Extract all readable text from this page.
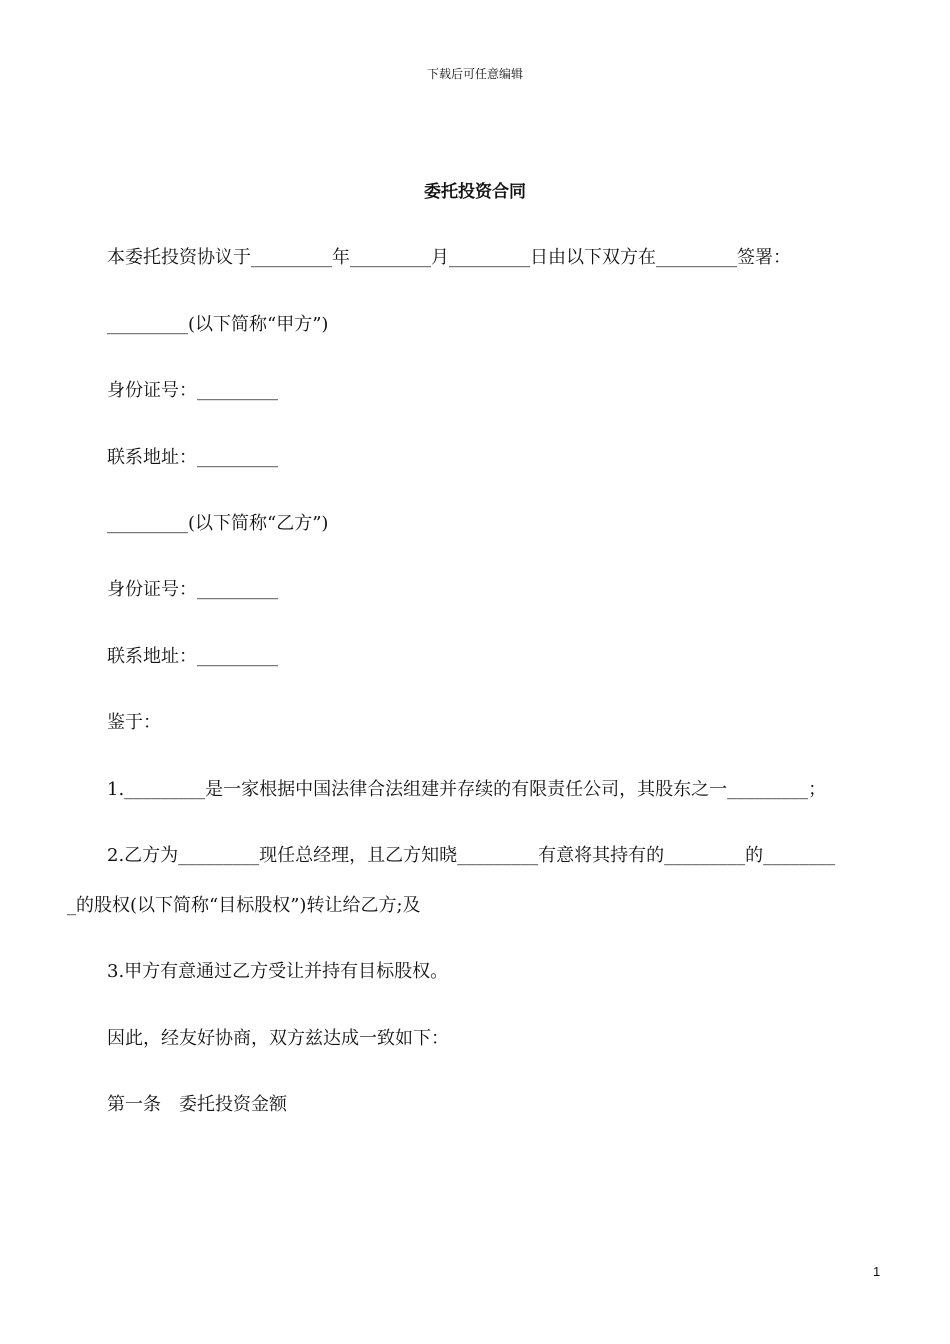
下载后可任意编辑
委托投资合同
本委托投资协议于_________年_________月_________日由以下双方在_________签署：
_________(以下简称“甲方”)
身份证号：_________
联系地址：_________
_________(以下简称“乙方”)
身份证号：_________
联系地址：_________
鉴于：
1._________是一家根据中国法律合法组建并存续的有限责任公司，其股东之一_________；
2.乙方为_________现任总经理，且乙方知晓_________有意将其持有的_________的________
_的股权(以下简称“目标股权”)转让给乙方;及
3.甲方有意通过乙方受让并持有目标股权。
因此，经友好协商，双方兹达成一致如下：
第一条　委托投资金额
1
